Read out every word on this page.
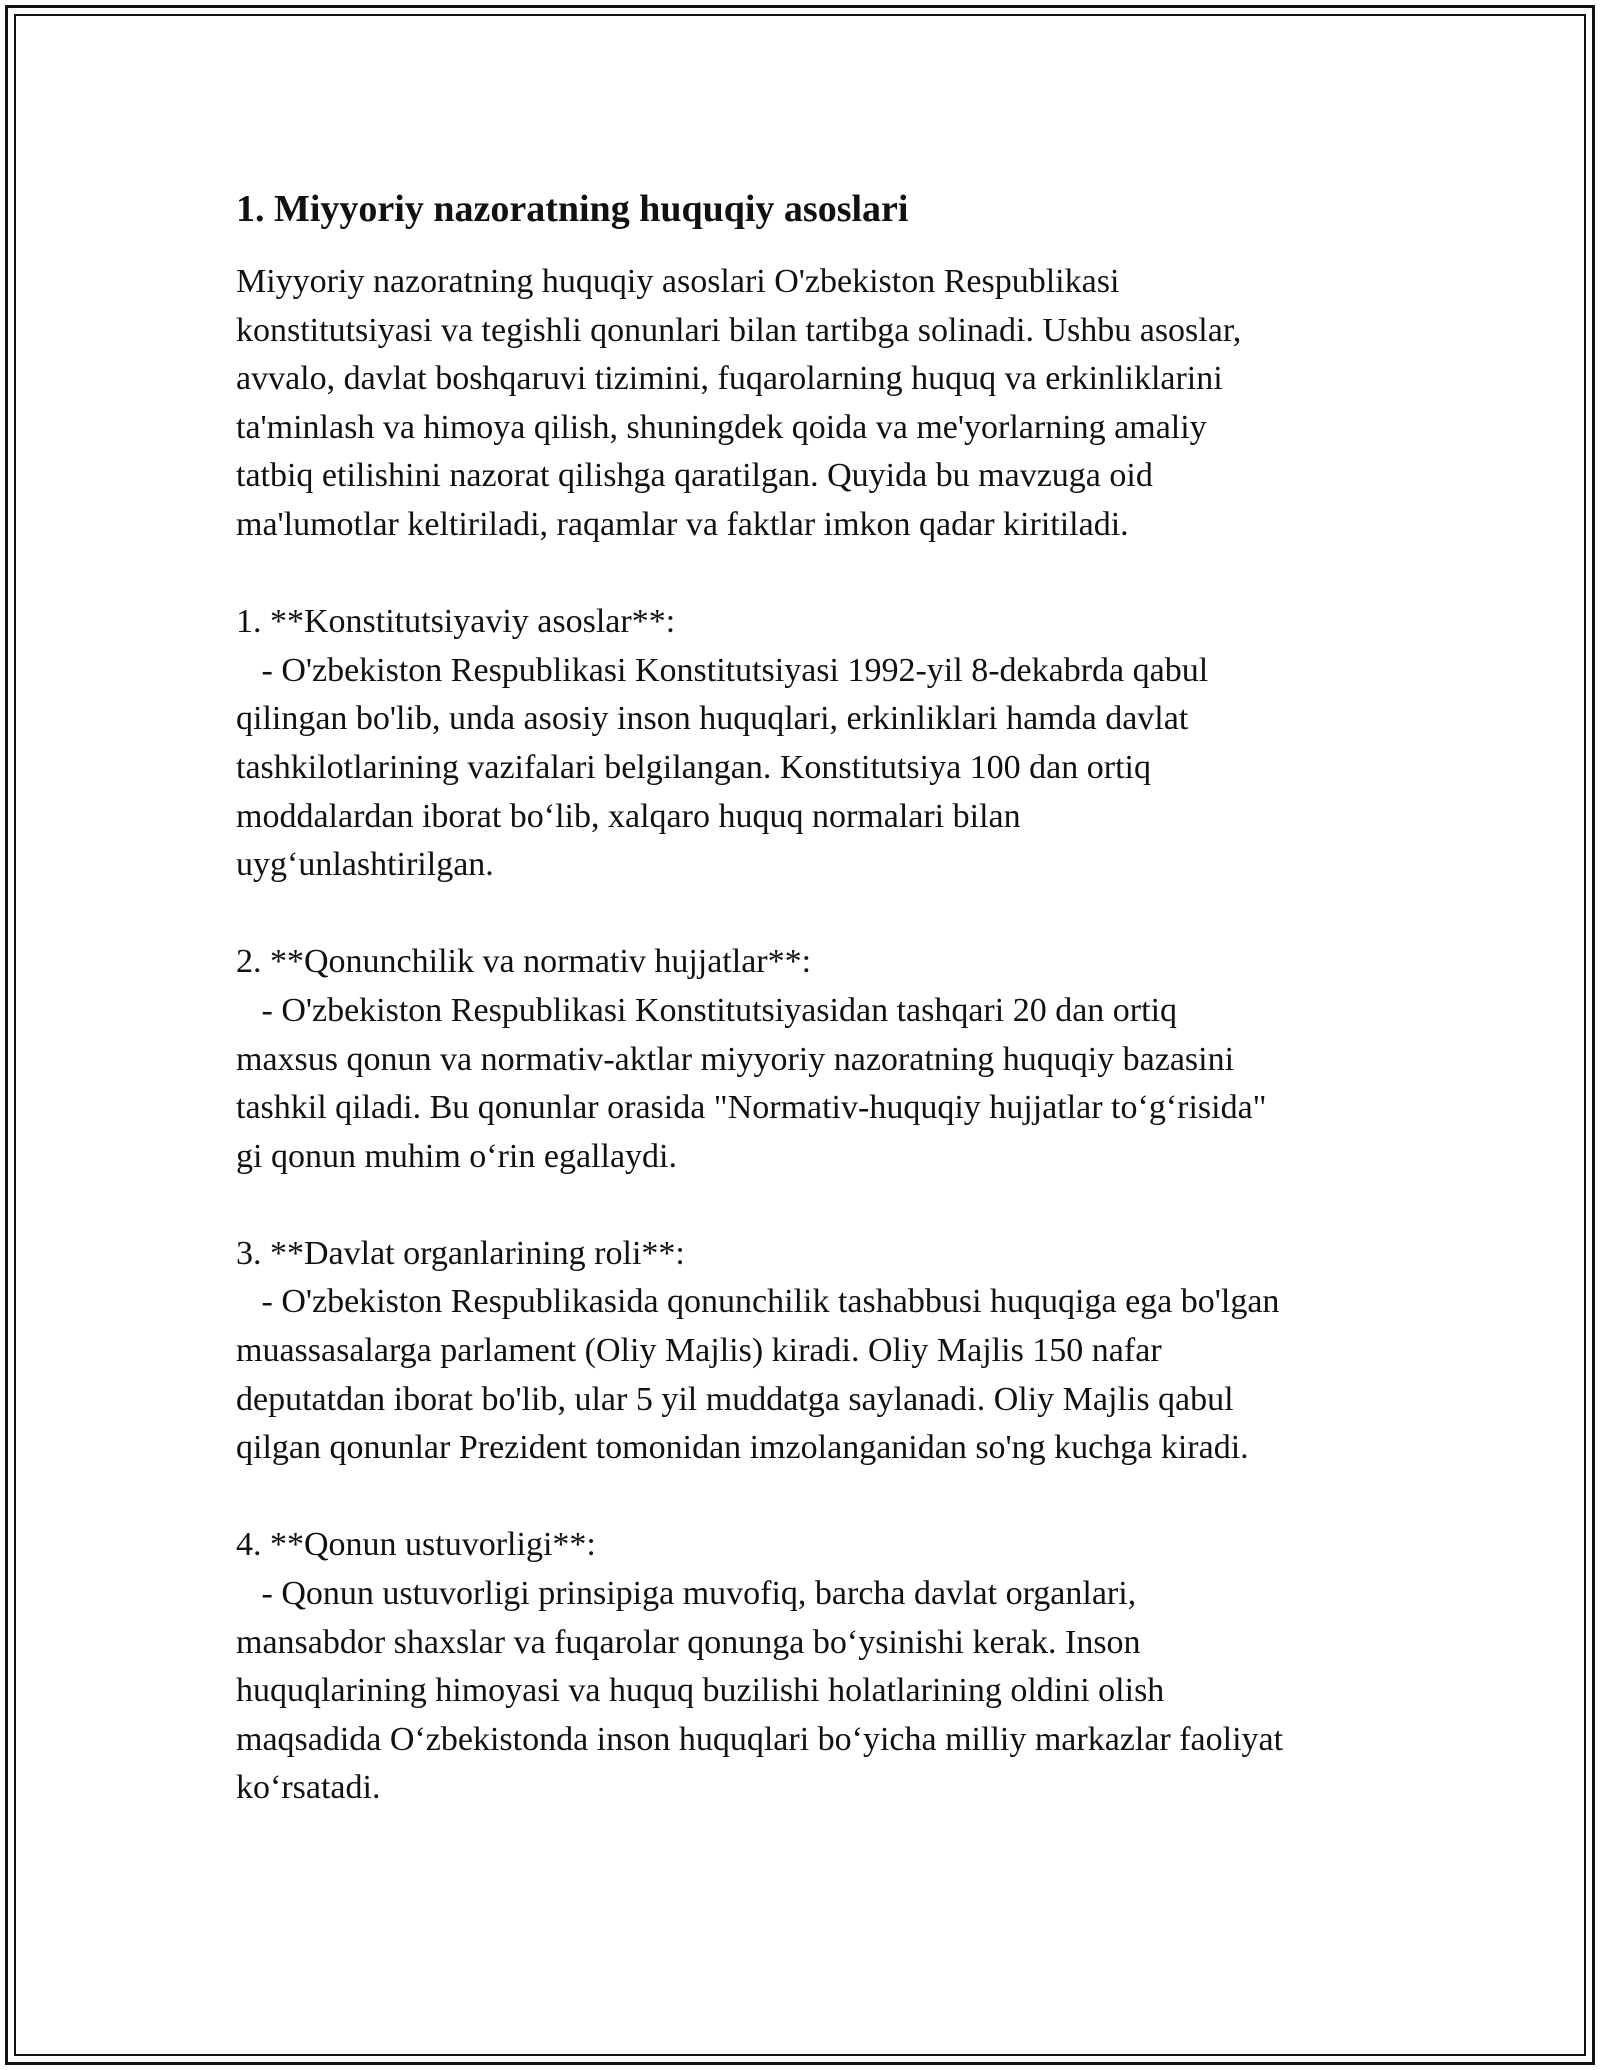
1. Miyyoriy nazoratning huquqiy asoslari
Miyyoriy nazoratning huquqiy asoslari O'zbekiston Respublikasi
konstitutsiyasi va tegishli qonunlari bilan tartibga solinadi. Ushbu asoslar,
avvalo, davlat boshqaruvi tizimini, fuqarolarning huquq va erkinliklarini
ta'minlash va himoya qilish, shuningdek qoida va me'yorlarning amaliy
tatbiq etilishini nazorat qilishga qaratilgan. Quyida bu mavzuga oid
ma'lumotlar keltiriladi, raqamlar va faktlar imkon qadar kiritiladi.

1. **Konstitutsiyaviy asoslar**:
- O'zbekiston Respublikasi Konstitutsiyasi 1992-yil 8-dekabrda qabul
qilingan bo'lib, unda asosiy inson huquqlari, erkinliklari hamda davlat
tashkilotlarining vazifalari belgilangan. Konstitutsiya 100 dan ortiq
moddalardan iborat bo‘lib, xalqaro huquq normalari bilan
uyg‘unlashtirilgan.

2. **Qonunchilik va normativ hujjatlar**:
- O'zbekiston Respublikasi Konstitutsiyasidan tashqari 20 dan ortiq
maxsus qonun va normativ-aktlar miyyoriy nazoratning huquqiy bazasini
tashkil qiladi. Bu qonunlar orasida "Normativ-huquqiy hujjatlar to‘g‘risida"
gi qonun muhim o‘rin egallaydi.

3. **Davlat organlarining roli**:
- O'zbekiston Respublikasida qonunchilik tashabbusi huquqiga ega bo'lgan
muassasalarga parlament (Oliy Majlis) kiradi. Oliy Majlis 150 nafar
deputatdan iborat bo'lib, ular 5 yil muddatga saylanadi. Oliy Majlis qabul
qilgan qonunlar Prezident tomonidan imzolanganidan so'ng kuchga kiradi.

4. **Qonun ustuvorligi**:
- Qonun ustuvorligi prinsipiga muvofiq, barcha davlat organlari,
mansabdor shaxslar va fuqarolar qonunga bo‘ysinishi kerak. Inson
huquqlarining himoyasi va huquq buzilishi holatlarining oldini olish
maqsadida O‘zbekistonda inson huquqlari bo‘yicha milliy markazlar faoliyat
ko‘rsatadi.
